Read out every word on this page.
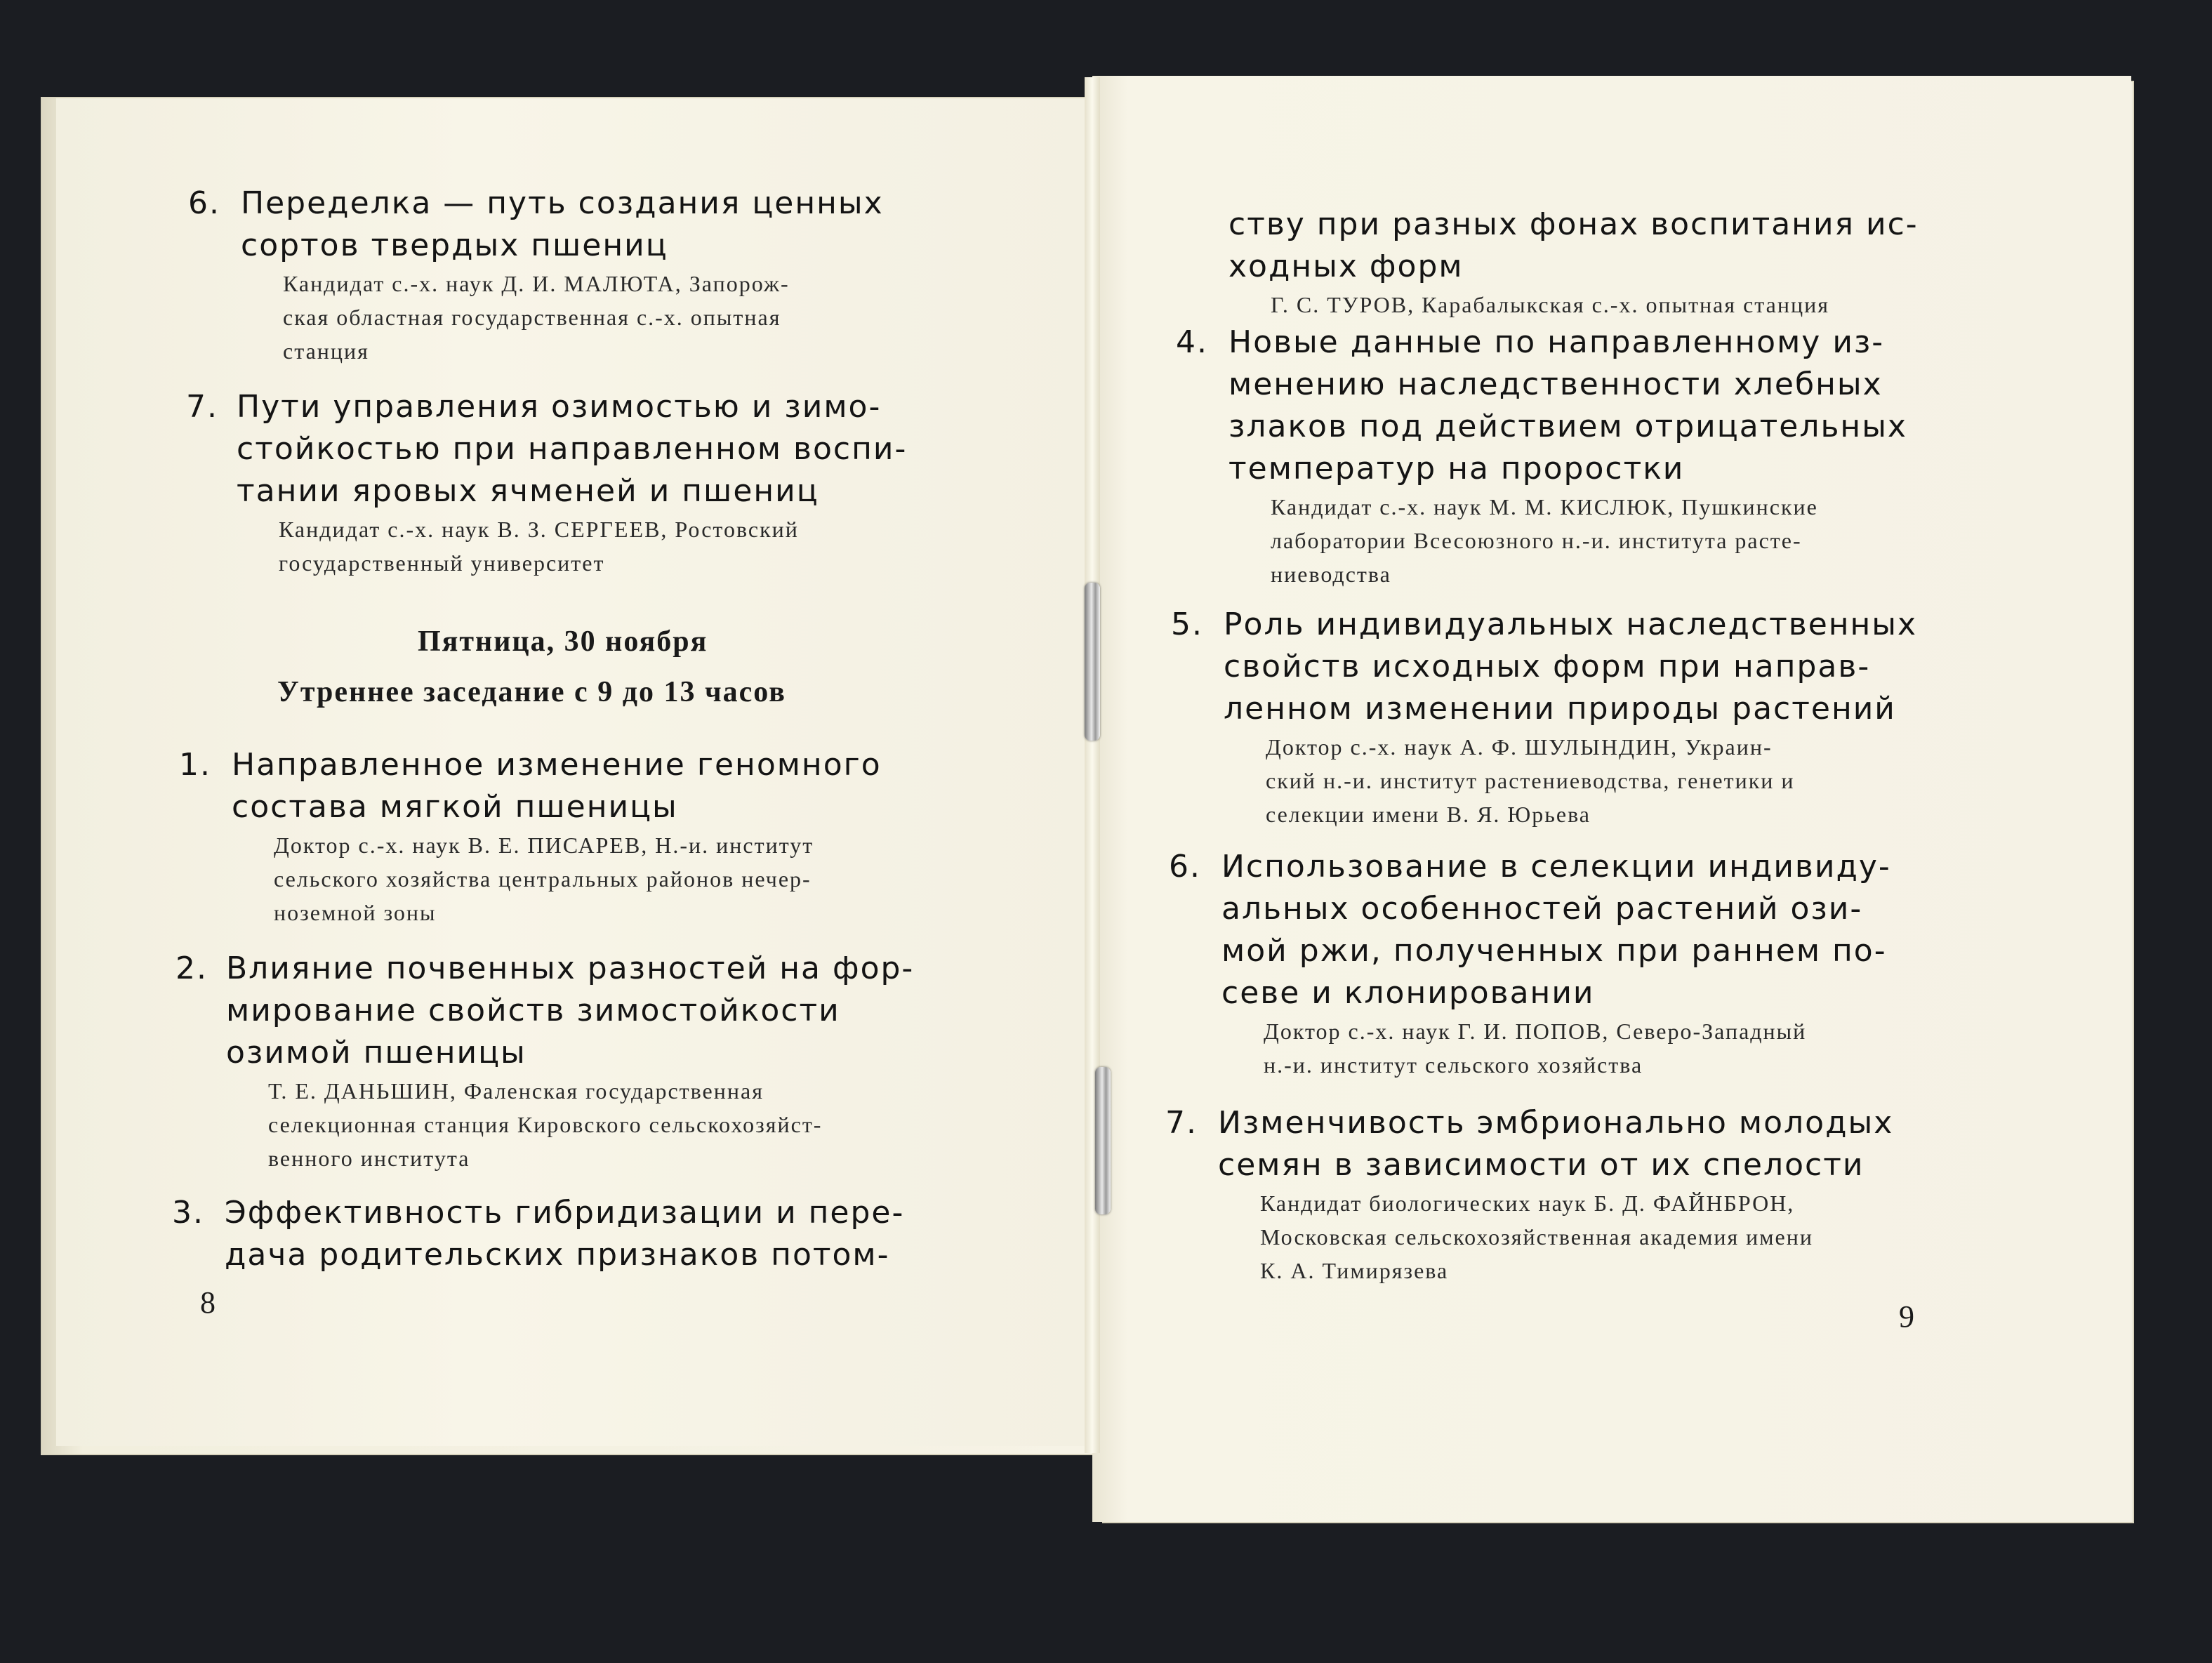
6. Переделка — путь создания ценных
сортов твердых пшениц
Кандидат с.-х. наук Д. И. МАЛЮТА, Запорож-
ская областная государственная с.-х. опытная
станция
7. Пути управления озимостью и зимо-
стойкостью при направленном воспи-
тании яровых ячменей и пшениц
Кандидат с.-х. наук В. З. СЕРГЕЕВ, Ростовский
государственный университет
Пятница, 30 ноября
Утреннее заседание с 9 до 13 часов
1. Направленное изменение геномного
состава мягкой пшеницы
Доктор с.-х. наук В. Е. ПИСАРЕВ, Н.-и. институт
сельского хозяйства центральных районов нечер-
ноземной зоны
2. Влияние почвенных разностей на фор-
мирование свойств зимостойкости
озимой пшеницы
Т. Е. ДАНЬШИН, Фаленская государственная
селекционная станция Кировского сельскохозяйст-
венного института
3. Эффективность гибридизации и пере-
дача родительских признаков потом-
8
ству при разных фонах воспитания ис-
ходных форм
Г. С. ТУРОВ, Карабалыкская с.-х. опытная станция
4. Новые данные по направленному из-
менению наследственности хлебных
злаков под действием отрицательных
температур на проростки
Кандидат с.-х. наук М. М. КИСЛЮК, Пушкинские
лаборатории Всесоюзного н.-и. института расте-
ниеводства
5. Роль индивидуальных наследственных
свойств исходных форм при направ-
ленном изменении природы растений
Доктор с.-х. наук А. Ф. ШУЛЫНДИН, Украин-
ский н.-и. институт растениеводства, генетики и
селекции имени В. Я. Юрьева
6. Использование в селекции индивиду-
альных особенностей растений ози-
мой ржи, полученных при раннем по-
севе и клонировании
Доктор с.-х. наук Г. И. ПОПОВ, Северо-Западный
н.-и. институт сельского хозяйства
7. Изменчивость эмбрионально молодых
семян в зависимости от их спелости
Кандидат биологических наук Б. Д. ФАЙНБРОН,
Московская сельскохозяйственная академия имени
К. А. Тимирязева
9
